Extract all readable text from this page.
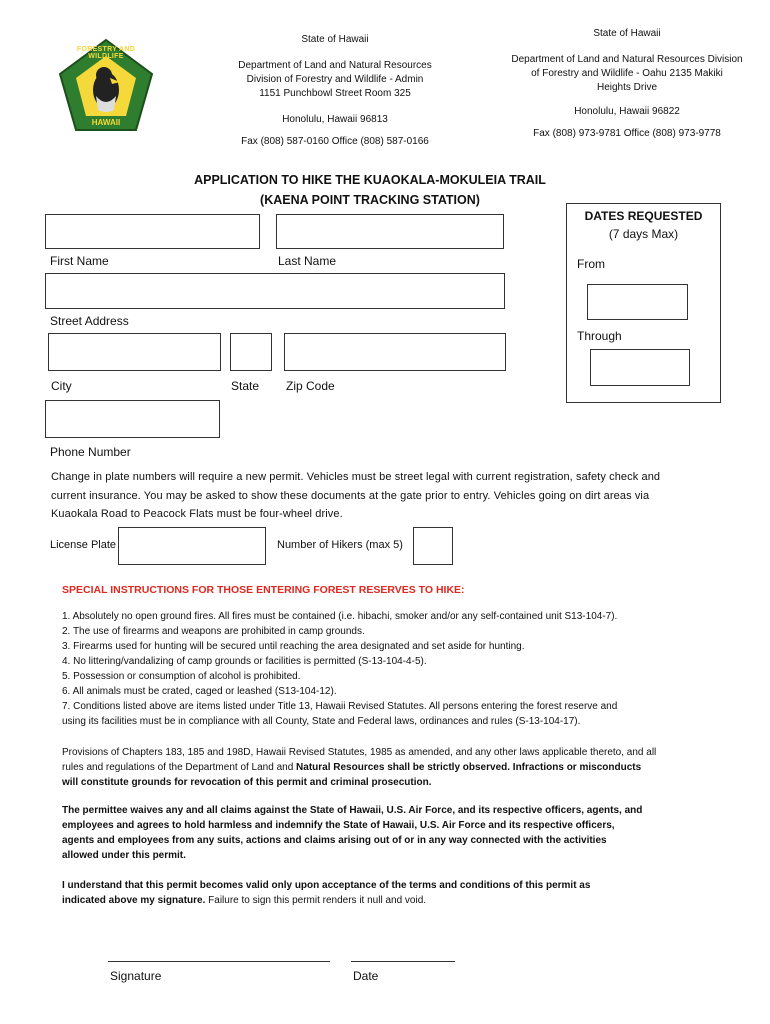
FORESTRY AND WILDLIFE
HAWAII
State of Hawaii
Department of Land and Natural Resources
Division of Forestry and Wildlife - Admin
1151 Punchbowl Street Room 325
Honolulu, Hawaii 96813
Fax (808) 587-0160 Office (808) 587-0166
State of Hawaii
Department of Land and Natural Resources Division
of Forestry and Wildlife - Oahu 2135 Makiki
Heights Drive
Honolulu, Hawaii 96822
Fax (808) 973-9781 Office (808) 973-9778
APPLICATION TO HIKE THE KUAOKALA-MOKULEIA TRAIL
(KAENA POINT TRACKING STATION)
First Name	Last Name
Street Address
City	State Zip Code
Phone Number
DATES REQUESTED
(7 days Max)
From
Through
Change in plate numbers will require a new permit. Vehicles must be street legal with current registration, safety check and
current insurance. You may be asked to show these documents at the gate prior to entry. Vehicles going on dirt areas via
Kuaokala Road to Peacock Flats must be four-wheel drive.
License Plate	Number of Hikers (max 5)
SPECIAL INSTRUCTIONS FOR THOSE ENTERING FOREST RESERVES TO HIKE:
1. Absolutely no open ground fires. All fires must be contained (i.e. hibachi, smoker and/or any self-contained unit S13-104-7).
2. The use of firearms and weapons are prohibited in camp grounds.
3. Firearms used for hunting will be secured until reaching the area designated and set aside for hunting.
4. No littering/vandalizing of camp grounds or facilities is permitted (S-13-104-4-5).
5. Possession or consumption of alcohol is prohibited.
6. All animals must be crated, caged or leashed (S13-104-12).
7. Conditions listed above are items listed under Title 13, Hawaii Revised Statutes. All persons entering the forest reserve and
using its facilities must be in compliance with all County, State and Federal laws, ordinances and rules (S-13-104-17).
Provisions of Chapters 183, 185 and 198D, Hawaii Revised Statutes, 1985 as amended, and any other laws applicable thereto, and all
rules and regulations of the Department of Land and Natural Resources shall be strictly observed. Infractions or misconducts
will constitute grounds for revocation of this permit and criminal prosecution.
The permittee waives any and all claims against the State of Hawaii, U.S. Air Force, and its respective officers, agents, and
employees and agrees to hold harmless and indemnify the State of Hawaii, U.S. Air Force and its respective officers,
agents and employees from any suits, actions and claims arising out of or in any way connected with the activities
allowed under this permit.
I understand that this permit becomes valid only upon acceptance of the terms and conditions of this permit as
indicated above my signature. Failure to sign this permit renders it null and void.
Signature	Date
